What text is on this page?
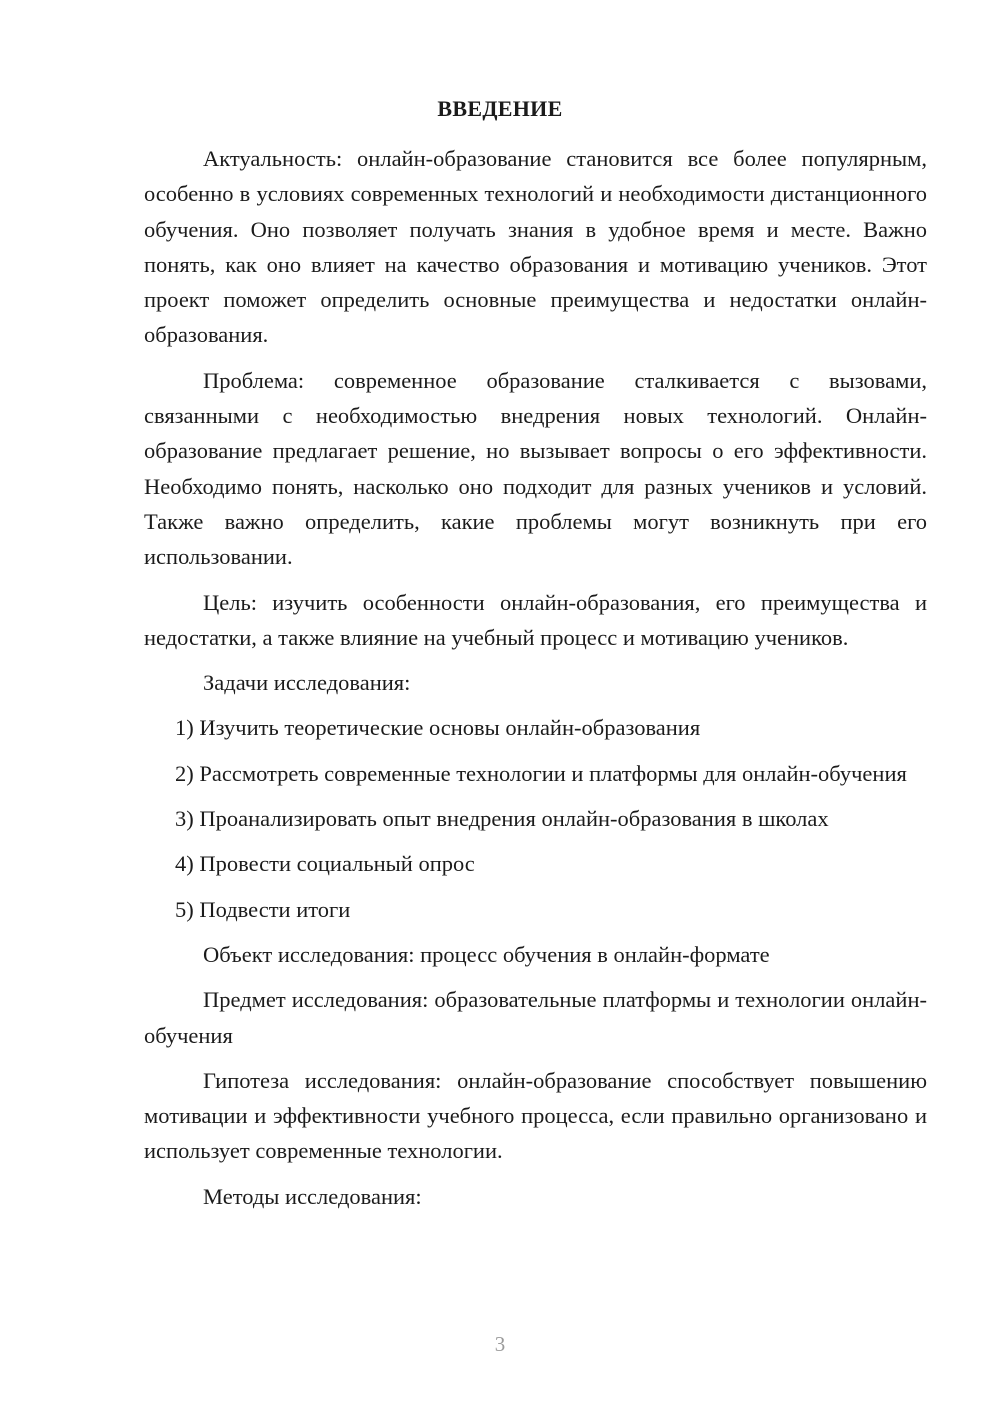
ВВЕДЕНИЕ

Актуальность: онлайн-образование становится все более популярным, особенно в условиях современных технологий и необходимости дистанционного обучения. Оно позволяет получать знания в удобное время и месте. Важно понять, как оно влияет на качество образования и мотивацию учеников. Этот проект поможет определить основные преимущества и недостатки онлайн-образования.

Проблема: современное образование сталкивается с вызовами, связанными с необходимостью внедрения новых технологий. Онлайн-образование предлагает решение, но вызывает вопросы о его эффективности. Необходимо понять, насколько оно подходит для разных учеников и условий. Также важно определить, какие проблемы могут возникнуть при его использовании.

Цель: изучить особенности онлайн-образования, его преимущества и недостатки, а также влияние на учебный процесс и мотивацию учеников.

Задачи исследования:

1) Изучить теоретические основы онлайн-образования

2) Рассмотреть современные технологии и платформы для онлайн-обучения

3) Проанализировать опыт внедрения онлайн-образования в школах

4) Провести социальный опрос

5) Подвести итоги

Объект исследования: процесс обучения в онлайн-формате

Предмет исследования: образовательные платформы и технологии онлайн-обучения

Гипотеза исследования: онлайн-образование способствует повышению мотивации и эффективности учебного процесса, если правильно организовано и использует современные технологии.

Методы исследования:

3
